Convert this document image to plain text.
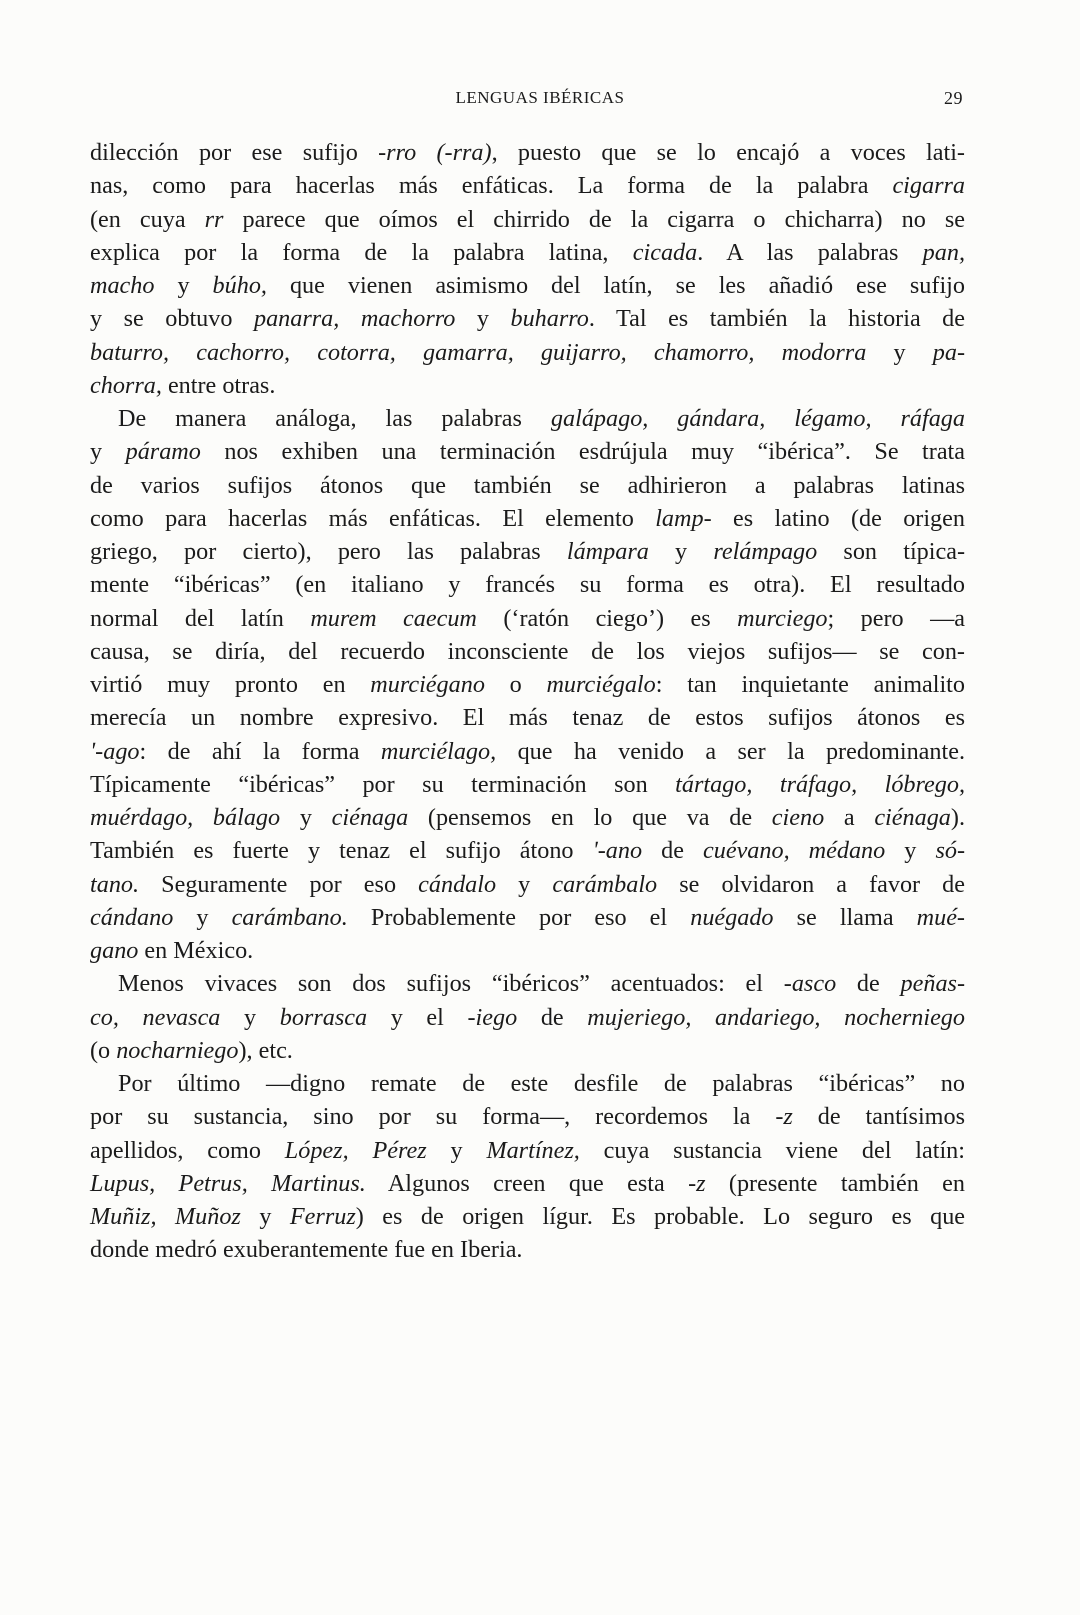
LENGUAS IBÉRICAS	29
dilección por ese sufijo -rro (-rra), puesto que se lo encajó a voces lati-
nas, como para hacerlas más enfáticas. La forma de la palabra cigarra
(en cuya rr parece que oímos el chirrido de la cigarra o chicharra) no se
explica por la forma de la palabra latina, cicada. A las palabras pan,
macho y búho, que vienen asimismo del latín, se les añadió ese sufijo
y se obtuvo panarra, machorro y buharro. Tal es también la historia de
baturro, cachorro, cotorra, gamarra, guijarro, chamorro, modorra y pa-
chorra, entre otras.
De manera análoga, las palabras galápago, gándara, légamo, ráfaga
y páramo nos exhiben una terminación esdrújula muy “ibérica”. Se trata
de varios sufijos átonos que también se adhirieron a palabras latinas
como para hacerlas más enfáticas. El elemento lamp- es latino (de origen
griego, por cierto), pero las palabras lámpara y relámpago son típica-
mente “ibéricas” (en italiano y francés su forma es otra). El resultado
normal del latín murem caecum (‘ratón ciego’) es murciego; pero —a
causa, se diría, del recuerdo inconsciente de los viejos sufijos— se con-
virtió muy pronto en murciégano o murciégalo: tan inquietante animalito
merecía un nombre expresivo. El más tenaz de estos sufijos átonos es
ʹ-ago: de ahí la forma murciélago, que ha venido a ser la predominante.
Típicamente “ibéricas” por su terminación son tártago, tráfago, lóbrego,
muérdago, bálago y ciénaga (pensemos en lo que va de cieno a ciénaga).
También es fuerte y tenaz el sufijo átono ʹ-ano de cuévano, médano y só-
tano. Seguramente por eso cándalo y carámbalo se olvidaron a favor de
cándano y carámbano. Probablemente por eso el nuégado se llama mué-
gano en México.
Menos vivaces son dos sufijos “ibéricos” acentuados: el -asco de peñas-
co, nevasca y borrasca y el -iego de mujeriego, andariego, nocherniego
(o nocharniego), etc.
Por último —digno remate de este desfile de palabras “ibéricas” no
por su sustancia, sino por su forma—, recordemos la -z de tantísimos
apellidos, como López, Pérez y Martínez, cuya sustancia viene del latín:
Lupus, Petrus, Martinus. Algunos creen que esta -z (presente también en
Muñiz, Muñoz y Ferruz) es de origen lígur. Es probable. Lo seguro es que
donde medró exuberantemente fue en Iberia.
